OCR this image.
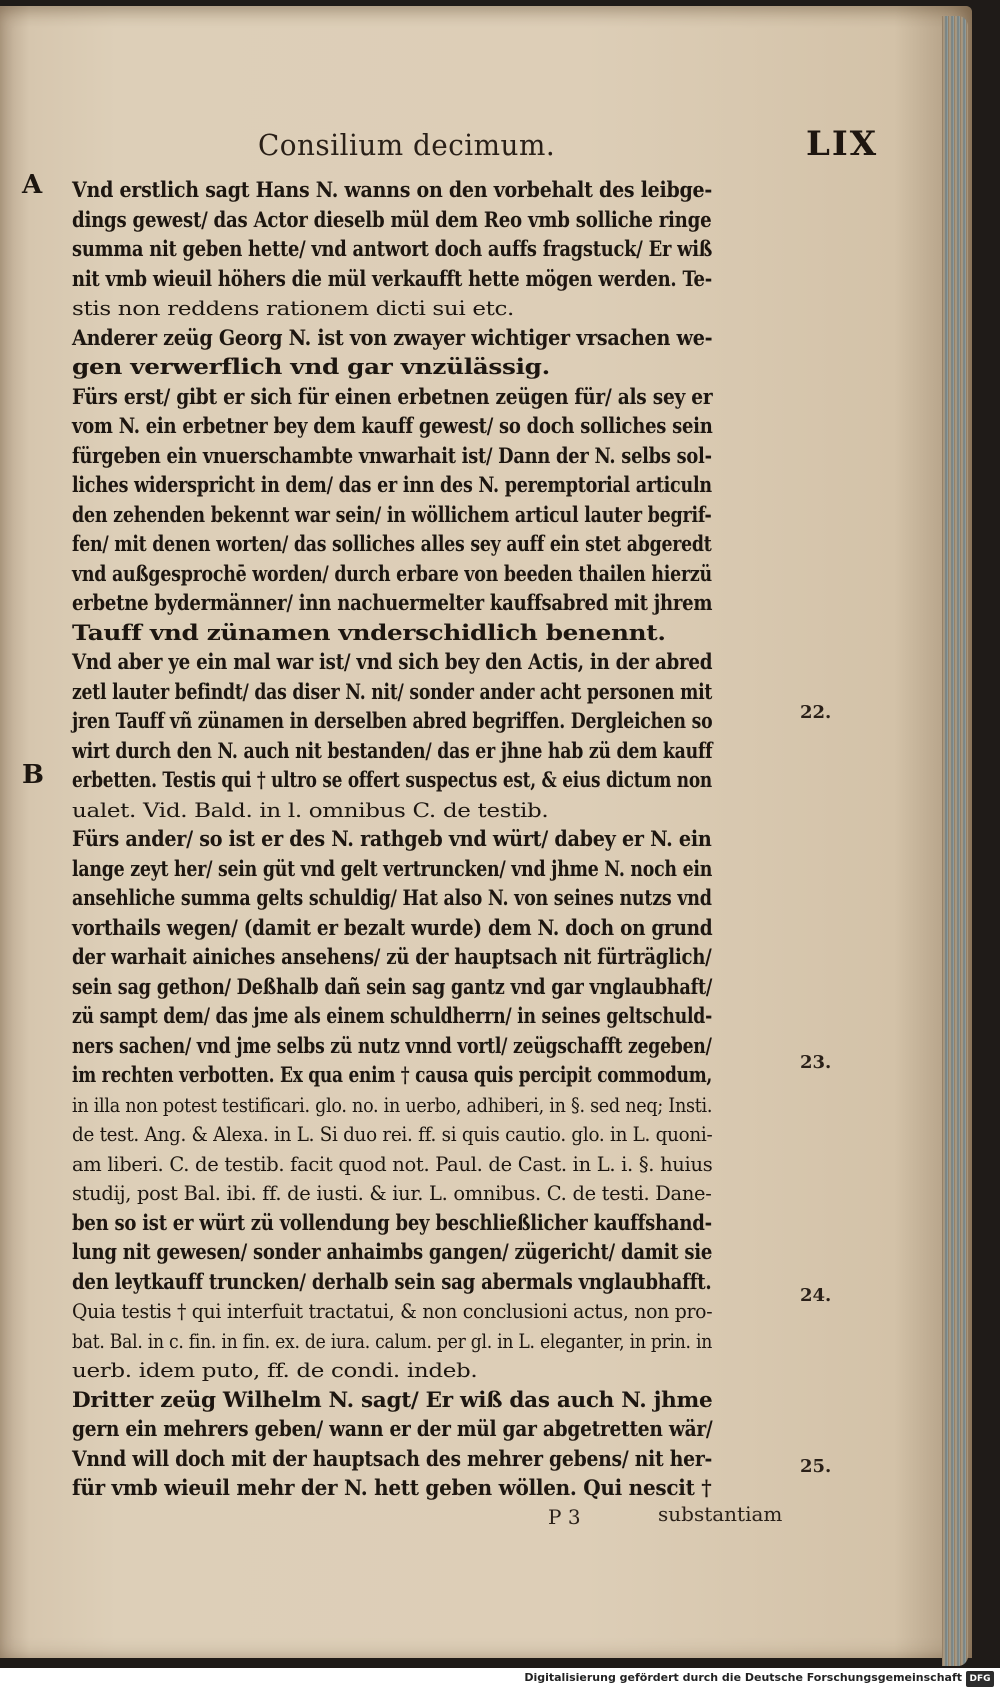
Consilium decimum.	LIX
A
B
22.
23.
24.
25.
Vnd erstlich sagt Hans N. wanns on den vorbehalt des leibge-
dings gewest/ das Actor dieselb mül dem Reo vmb solliche ringe
summa nit geben hette/ vnd antwort doch auffs fragstuck/ Er wiß
nit vmb wieuil höhers die mül verkaufft hette mögen werden. Te-
stis non reddens rationem dicti sui etc.
Anderer zeüg Georg N. ist von zwayer wichtiger vrsachen we-
gen verwerflich vnd gar vnzülässig.
Fürs erst/ gibt er sich für einen erbetnen zeügen für/ als sey er
vom N. ein erbetner bey dem kauff gewest/ so doch solliches sein
fürgeben ein vnuerschambte vnwarhait ist/ Dann der N. selbs sol-
liches widerspricht in dem/ das er inn des N. peremptorial articuln
den zehenden bekennt war sein/ in wöllichem articul lauter begrif-
fen/ mit denen worten/ das solliches alles sey auff ein stet abgeredt
vnd außgesprochē worden/ durch erbare von beeden thailen hierzü
erbetne bydermänner/ inn nachuermelter kauffsabred mit jhrem
Tauff vnd zünamen vnderschidlich benennt.
Vnd aber ye ein mal war ist/ vnd sich bey den Actis, in der abred
zetl lauter befindt/ das diser N. nit/ sonder ander acht personen mit
jren Tauff vñ zünamen in derselben abred begriffen. Dergleichen so
wirt durch den N. auch nit bestanden/ das er jhne hab zü dem kauff
erbetten. Testis qui † ultro se offert suspectus est, & eius dictum non
ualet. Vid. Bald. in l. omnibus C. de testib.
Fürs ander/ so ist er des N. rathgeb vnd würt/ dabey er N. ein
lange zeyt her/ sein güt vnd gelt vertruncken/ vnd jhme N. noch ein
ansehliche summa gelts schuldig/ Hat also N. von seines nutzs vnd
vorthails wegen/ (damit er bezalt wurde) dem N. doch on grund
der warhait ainiches ansehens/ zü der hauptsach nit fürträglich/
sein sag gethon/ Deßhalb dañ sein sag gantz vnd gar vnglaubhaft/
zü sampt dem/ das jme als einem schuldherrn/ in seines geltschuld-
ners sachen/ vnd jme selbs zü nutz vnnd vortl/ zeügschafft zegeben/
im rechten verbotten. Ex qua enim † causa quis percipit commodum,
in illa non potest testificari. glo. no. in uerbo, adhiberi, in §. sed neq; Insti.
de test. Ang. & Alexa. in L. Si duo rei. ff. si quis cautio. glo. in L. quoni-
am liberi. C. de testib. facit quod not. Paul. de Cast. in L. i. §. huius
studij, post Bal. ibi. ff. de iusti. & iur. L. omnibus. C. de testi. Dane-
ben so ist er würt zü vollendung bey beschließlicher kauffshand-
lung nit gewesen/ sonder anhaimbs gangen/ zügericht/ damit sie
den leytkauff truncken/ derhalb sein sag abermals vnglaubhafft.
Quia testis † qui interfuit tractatui, & non conclusioni actus, non pro-
bat. Bal. in c. fin. in fin. ex. de iura. calum. per gl. in L. eleganter, in prin. in
uerb. idem puto, ff. de condi. indeb.
Dritter zeüg Wilhelm N. sagt/ Er wiß das auch N. jhme
gern ein mehrers geben/ wann er der mül gar abgetretten wär/
Vnnd will doch mit der hauptsach des mehrer gebens/ nit her-
für vmb wieuil mehr der N. hett geben wöllen. Qui nescit †
P 3	substantiam
Digitalisierung gefördert durch die Deutsche Forschungsgemeinschaft DFG
